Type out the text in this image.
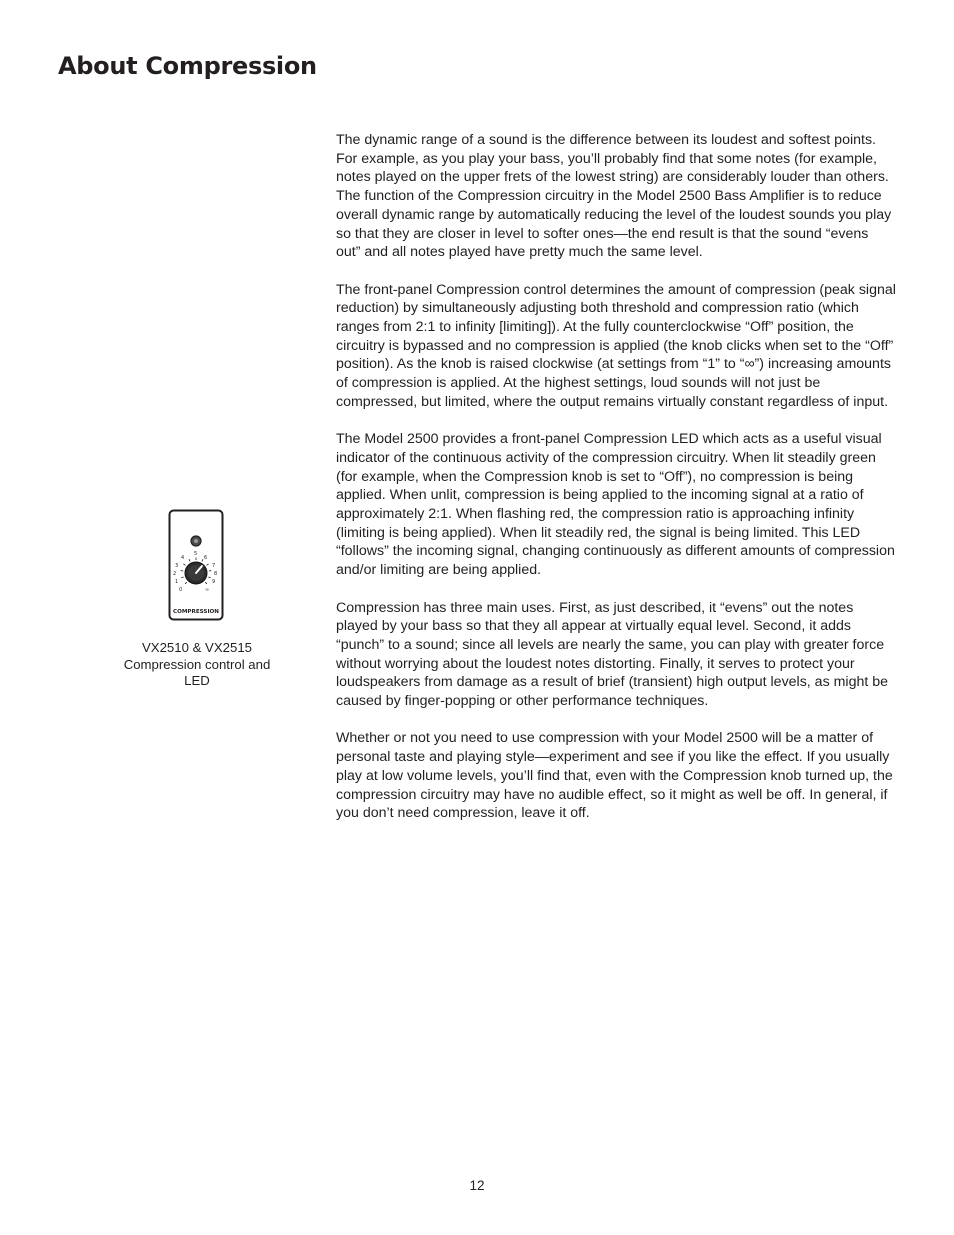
About Compression

The dynamic range of a sound is the difference between its loudest and softest points. For example, as you play your bass, you’ll probably find that some notes (for example, notes played on the upper frets of the lowest string) are considerably louder than others. The function of the Compression circuitry in the Model 2500 Bass Amplifier is to reduce overall dynamic range by automatically reducing the level of the loudest sounds you play so that they are closer in level to softer ones—the end result is that the sound “evens out” and all notes played have pretty much the same level.

The front-panel Compression control determines the amount of compression (peak signal reduction) by simultaneously adjusting both threshold and compression ratio (which ranges from 2:1 to infinity [limiting]). At the fully counterclockwise “Off” position, the circuitry is bypassed and no compression is applied (the knob clicks when set to the “Off” position). As the knob is raised clockwise (at settings from “1” to “∞”) increasing amounts of compression is applied. At the highest settings, loud sounds will not just be compressed, but limited, where the output remains virtually constant regardless of input.

The Model 2500 provides a front-panel Compression LED which acts as a useful visual indicator of the continuous activity of the compression circuitry. When lit steadily green (for example, when the Compression knob is set to “Off”), no compression is being applied. When unlit, compression is being applied to the incoming signal at a ratio of approximately 2:1. When flashing red, the compression ratio is approaching infinity (limiting is being applied). When lit steadily red, the signal is being limited. This LED “follows” the incoming signal, changing continuously as different amounts of compression and/or limiting are being applied.

Compression has three main uses. First, as just described, it “evens” out the notes played by your bass so that they all appear at virtually equal level. Second, it adds “punch” to a sound; since all levels are nearly the same, you can play with greater force without worrying about the loudest notes distorting. Finally, it serves to protect your loudspeakers from damage as a result of brief (transient) high output levels, as might be caused by finger-popping or other performance techniques.

Whether or not you need to use compression with your Model 2500 will be a matter of personal taste and playing style—experiment and see if you like the effect. If you usually play at low volume levels, you’ll find that, even with the Compression knob turned up, the compression circuitry may have no audible effect, so it might as well be off. In general, if you don’t need compression, leave it off.

0
1
2
3
4
5
6
7
8
9
∞
COMPRESSION
VX2510 & VX2515
Compression control and
LED
12
